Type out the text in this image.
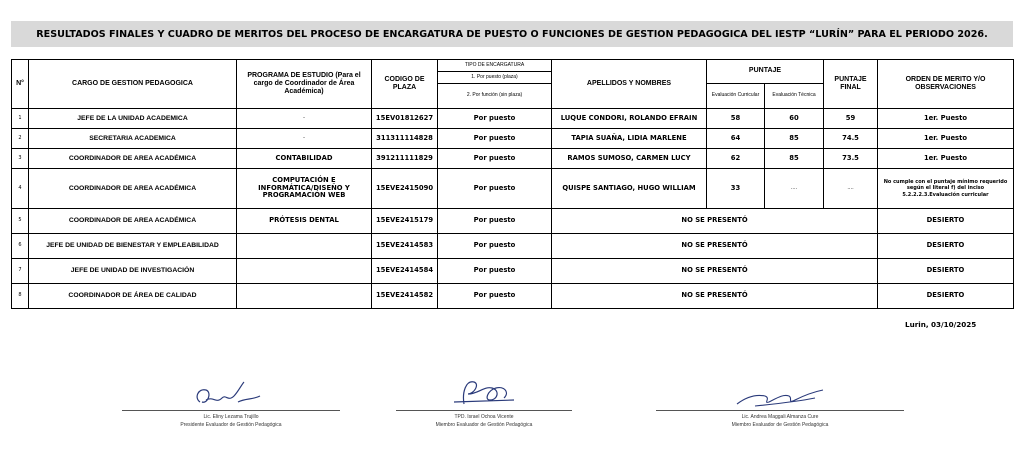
RESULTADOS FINALES Y CUADRO DE MERITOS DEL PROCESO DE ENCARGATURA DE PUESTO O FUNCIONES DE GESTION PEDAGOGICA DEL IESTP “LURÍN” PARA EL PERIODO 2026.
N°	CARGO DE GESTION PEDAGOGICA	PROGRAMA DE ESTUDIO (Para el cargo de Coordinador de Área Académica)	CODIGO DE PLAZA	TIPO DE ENCARGATURA	APELLIDOS Y NOMBRES	PUNTAJE		PUNTAJE FINAL	ORDEN DE MERITO Y/O OBSERVACIONES
				1. Por puesto (plaza)					
				2. Por función (sin plaza)		Evaluación Curricular	Evaluación Técnica		
1	JEFE DE LA UNIDAD ACADEMICA	-	15EV01812627	Por puesto	LUQUE CONDORI, ROLANDO EFRAIN	58	60	59	1er. Puesto
2	SECRETARIA ACADEMICA	-	311311114828	Por puesto	TAPIA SUAÑA, LIDIA MARLENE	64	85	74.5	1er. Puesto
3	COORDINADOR DE AREA ACADÉMICA	CONTABILIDAD	391211111829	Por puesto	RAMOS SUMOSO, CARMEN LUCY	62	85	73.5	1er. Puesto
4	COORDINADOR DE AREA ACADÉMICA	COMPUTACIÓN E INFORMÁTICA/DISEÑO Y PROGRAMACIÓN WEB	15EVE2415090	Por puesto	QUISPE SANTIAGO, HUGO WILLIAM	33	....	....	No cumple con el puntaje mínimo requerido según el literal f) del inciso 5.2.2.2.3.Evaluación curricular
5	COORDINADOR DE AREA ACADÉMICA	PRÓTESIS DENTAL	15EVE2415179	Por puesto	NO SE PRESENTÓ				DESIERTO
6	JEFE DE UNIDAD DE BIENESTAR Y EMPLEABILIDAD		15EVE2414583	Por puesto	NO SE PRESENTÓ				DESIERTO
7	JEFE DE UNIDAD DE INVESTIGACIÓN		15EVE2414584	Por puesto	NO SE PRESENTÓ				DESIERTO
8	COORDINADOR DE ÁREA DE CALIDAD		15EVE2414582	Por puesto	NO SE PRESENTÓ				DESIERTO
Lurin, 03/10/2025
Lic. Eliny Lezama Trujillo
Presidente Evaluador de Gestión Pedagógica
TPD. Israel Ochoa Vicente
Miembro Evaluador de Gestión Pedagógica
Lic. Andrea Maggali Almanza Cure
Miembro Evaluador de Gestión Pedagógica
